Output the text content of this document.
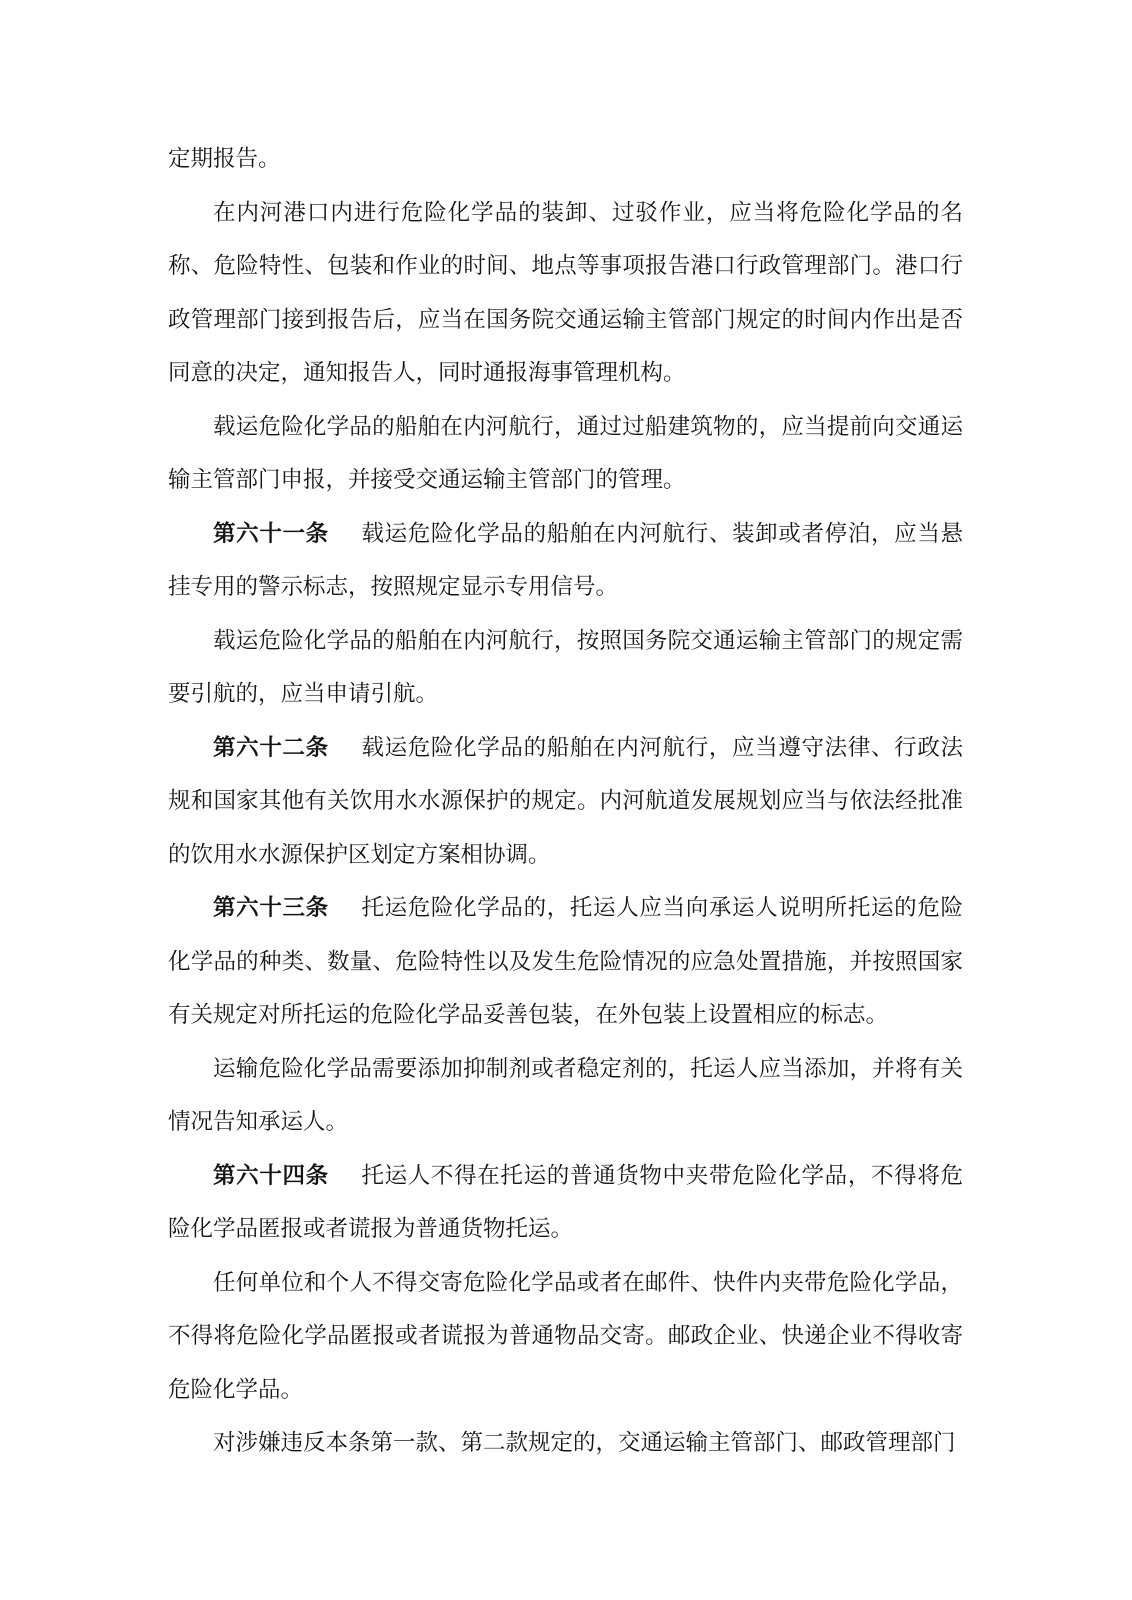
定期报告。

在内河港口内进行危险化学品的装卸、过驳作业，应当将危险化学品的名称、危险特性、包装和作业的时间、地点等事项报告港口行政管理部门。港口行政管理部门接到报告后，应当在国务院交通运输主管部门规定的时间内作出是否同意的决定，通知报告人，同时通报海事管理机构。

载运危险化学品的船舶在内河航行，通过过船建筑物的，应当提前向交通运输主管部门申报，并接受交通运输主管部门的管理。

第六十一条 载运危险化学品的船舶在内河航行、装卸或者停泊，应当悬挂专用的警示标志，按照规定显示专用信号。

载运危险化学品的船舶在内河航行，按照国务院交通运输主管部门的规定需要引航的，应当申请引航。

第六十二条 载运危险化学品的船舶在内河航行，应当遵守法律、行政法规和国家其他有关饮用水水源保护的规定。内河航道发展规划应当与依法经批准的饮用水水源保护区划定方案相协调。

第六十三条 托运危险化学品的，托运人应当向承运人说明所托运的危险化学品的种类、数量、危险特性以及发生危险情况的应急处置措施，并按照国家有关规定对所托运的危险化学品妥善包装，在外包装上设置相应的标志。

运输危险化学品需要添加抑制剂或者稳定剂的，托运人应当添加，并将有关情况告知承运人。

第六十四条 托运人不得在托运的普通货物中夹带危险化学品，不得将危险化学品匿报或者谎报为普通货物托运。

任何单位和个人不得交寄危险化学品或者在邮件、快件内夹带危险化学品，不得将危险化学品匿报或者谎报为普通物品交寄。邮政企业、快递企业不得收寄危险化学品。

对涉嫌违反本条第一款、第二款规定的，交通运输主管部门、邮政管理部门
